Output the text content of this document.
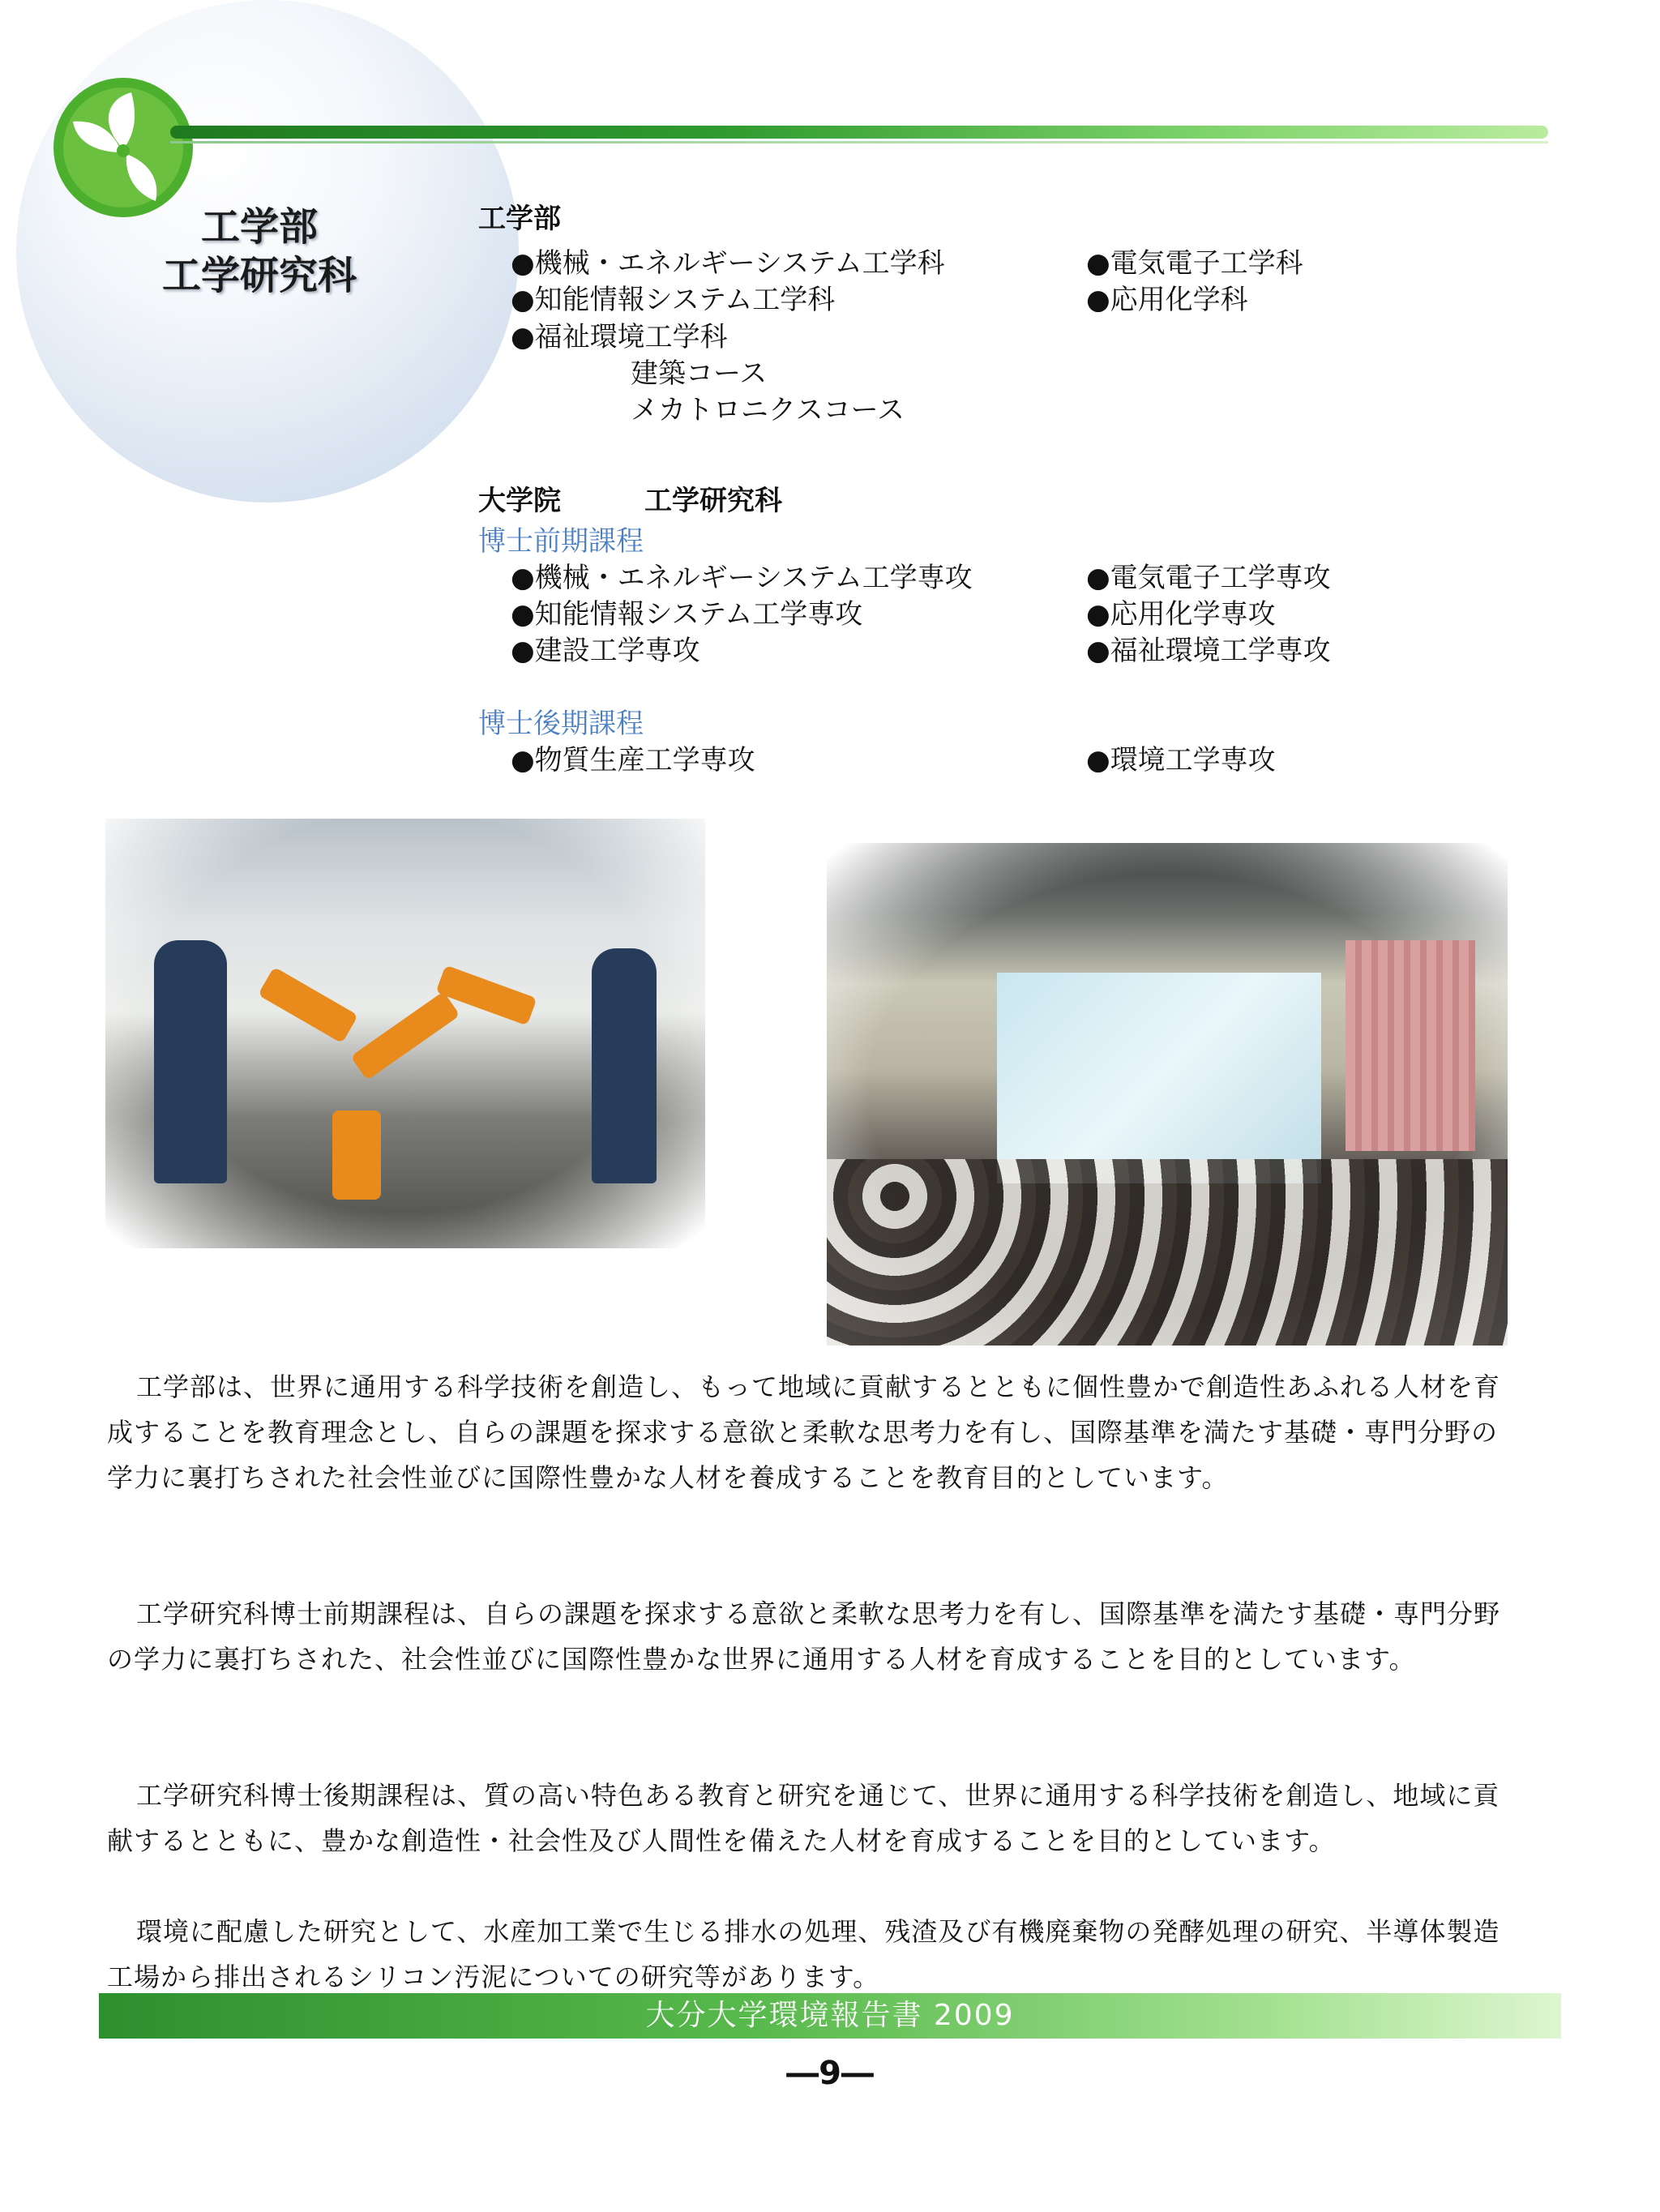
工学部
工学研究科
工学部
●機械・エネルギーシステム工学科
●知能情報システム工学科
●福祉環境工学科
●電気電子工学科
●応用化学科
建築コース
メカトロニクスコース
大学院	工学研究科
博士前期課程
●機械・エネルギーシステム工学専攻
●知能情報システム工学専攻
●建設工学専攻
●電気電子工学専攻
●応用化学専攻
●福祉環境工学専攻
博士後期課程
●物質生産工学専攻	●環境工学専攻
工学部は、世界に通用する科学技術を創造し、もって地域に貢献するとともに個性豊かで創造性あふれる人材を育成することを教育理念とし、自らの課題を探求する意欲と柔軟な思考力を有し、国際基準を満たす基礎・専門分野の学力に裏打ちされた社会性並びに国際性豊かな人材を養成することを教育目的としています。
工学研究科博士前期課程は、自らの課題を探求する意欲と柔軟な思考力を有し、国際基準を満たす基礎・専門分野の学力に裏打ちされた、社会性並びに国際性豊かな世界に通用する人材を育成することを目的としています。
工学研究科博士後期課程は、質の高い特色ある教育と研究を通じて、世界に通用する科学技術を創造し、地域に貢献するとともに、豊かな創造性・社会性及び人間性を備えた人材を育成することを目的としています。
環境に配慮した研究として、水産加工業で生じる排水の処理、残渣及び有機廃棄物の発酵処理の研究、半導体製造工場から排出されるシリコン汚泥についての研究等があります。
大分大学環境報告書 2009
―9―
